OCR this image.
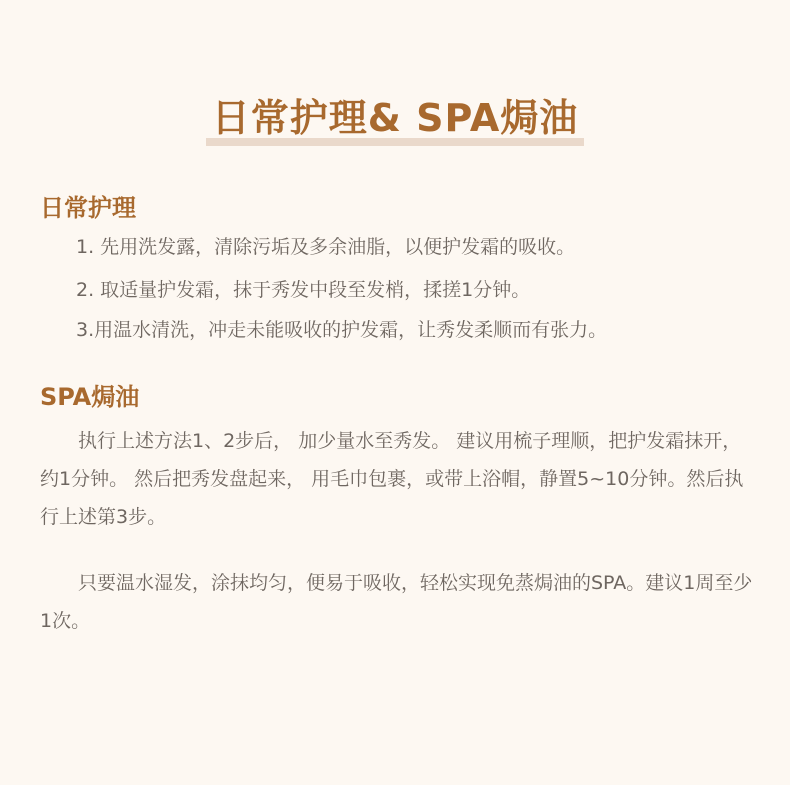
日常护理& SPA焗油
日常护理
1. 先用洗发露，清除污垢及多余油脂，以便护发霜的吸收。
2. 取适量护发霜，抹于秀发中段至发梢，揉搓1分钟。
3.用温水清洗，冲走未能吸收的护发霜，让秀发柔顺而有张力。
SPA焗油

执行上述方法1、2步后， 加少量水至秀发。 建议用梳子理顺，把护发霜抹开，约1分钟。 然后把秀发盘起来， 用毛巾包裹，或带上浴帽，静置5~10分钟。然后执行上述第3步。

只要温水湿发，涂抹均匀，便易于吸收，轻松实现免蒸焗油的SPA。建议1周至少1次。
